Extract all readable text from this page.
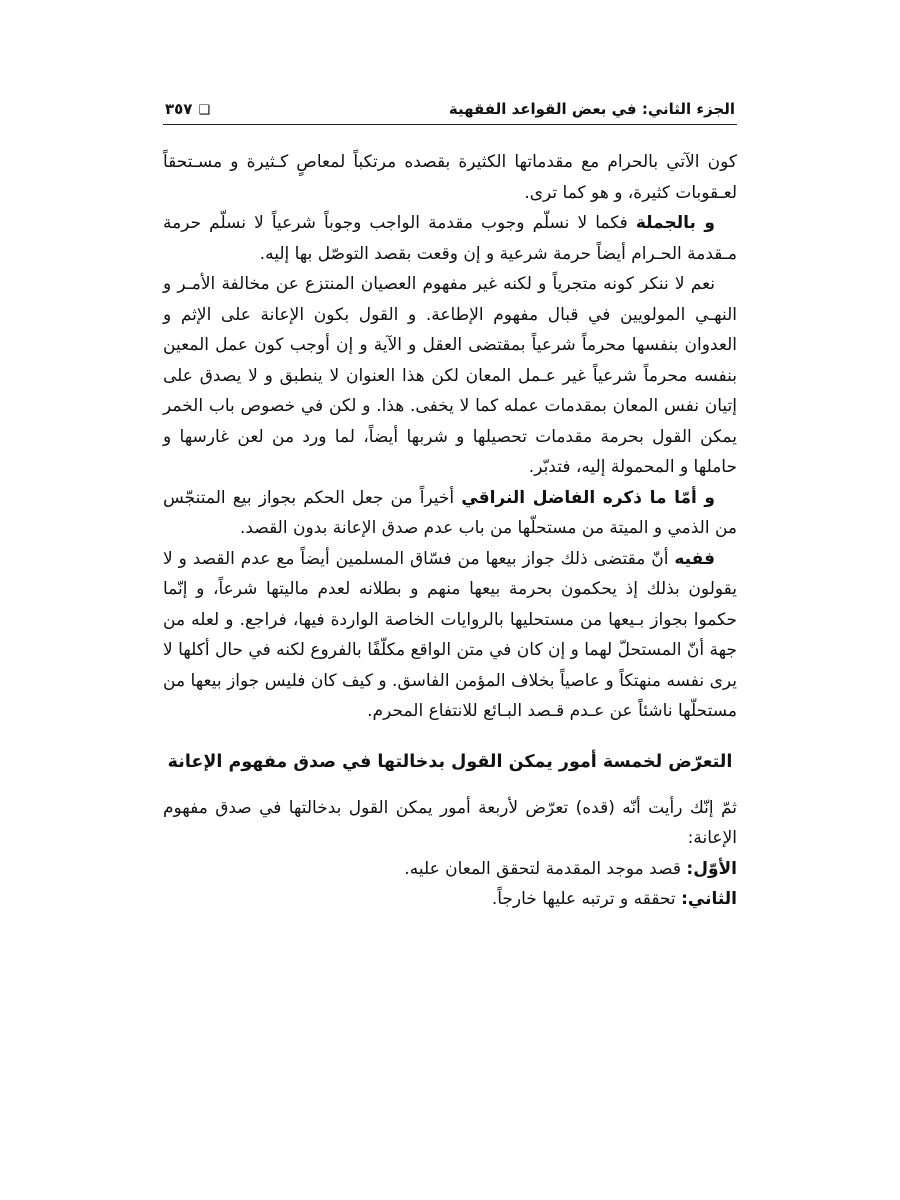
الجزء الثاني: في بعض القواعد الفقهية
٣٥٧ ❑

كون الآتي بالحرام مع مقدماتها الكثيرة بقصده مرتكباً لمعاصٍ كـثيرة و مسـتحقاً لعـقوبات كثيرة، و هو كما ترى.

و بالجملة فكما لا نسلّم وجوب مقدمة الواجب وجوباً شرعياً لا نسلّم حرمة مـقدمة الحـرام أيضاً حرمة شرعية و إن وقعت بقصد التوصّل بها إليه.

نعم لا ننكر كونه متجرياً و لكنه غير مفهوم العصيان المنتزع عن مخالفة الأمـر و النهـي المولويين في قبال مفهوم الإطاعة. و القول بكون الإعانة على الإثم و العدوان بنفسها محرماً شرعياً بمقتضى العقل و الآية و إن أوجب كون عمل المعين بنفسه محرماً شرعياً غير عـمل المعان لكن هذا العنوان لا ينطبق و لا يصدق على إتيان نفس المعان بمقدمات عمله كما لا يخفى. هذا. و لكن في خصوص باب الخمر يمكن القول بحرمة مقدمات تحصيلها و شربها أيضاً، لما ورد من لعن غارسها و حاملها و المحمولة إليه، فتدبّر.

و أمّا ما ذكره الفاضل النراقي أخيراً من جعل الحكم بجواز بيع المتنجّس من الذمي و الميتة من مستحلّها من باب عدم صدق الإعانة بدون القصد.

ففيه أنّ مقتضى ذلك جواز بيعها من فسّاق المسلمين أيضاً مع عدم القصد و لا يقولون بذلك إذ يحكمون بحرمة بيعها منهم و بطلانه لعدم ماليتها شرعاً، و إنّما حكموا بجواز بـيعها من مستحليها بالروايات الخاصة الواردة فيها، فراجع. و لعله من جهة أنّ المستحلّ لهما و إن كان في متن الواقع مكلّفًا بالفروع لكنه في حال أكلها لا يرى نفسه منهتكاً و عاصياً بخلاف المؤمن الفاسق. و كيف كان فليس جواز بيعها من مستحلّها ناشئاً عن عـدم قـصد البـائع للانتفاع المحرم.

التعرّض لخمسة أمور يمكن القول بدخالتها في صدق مفهوم الإعانة

ثمّ إنّك رأيت أنّه (قده) تعرّض لأربعة أمور يمكن القول بدخالتها في صدق مفهوم الإعانة:

الأوّل: قصد موجد المقدمة لتحقق المعان عليه.

الثاني: تحققه و ترتبه عليها خارجاً.
